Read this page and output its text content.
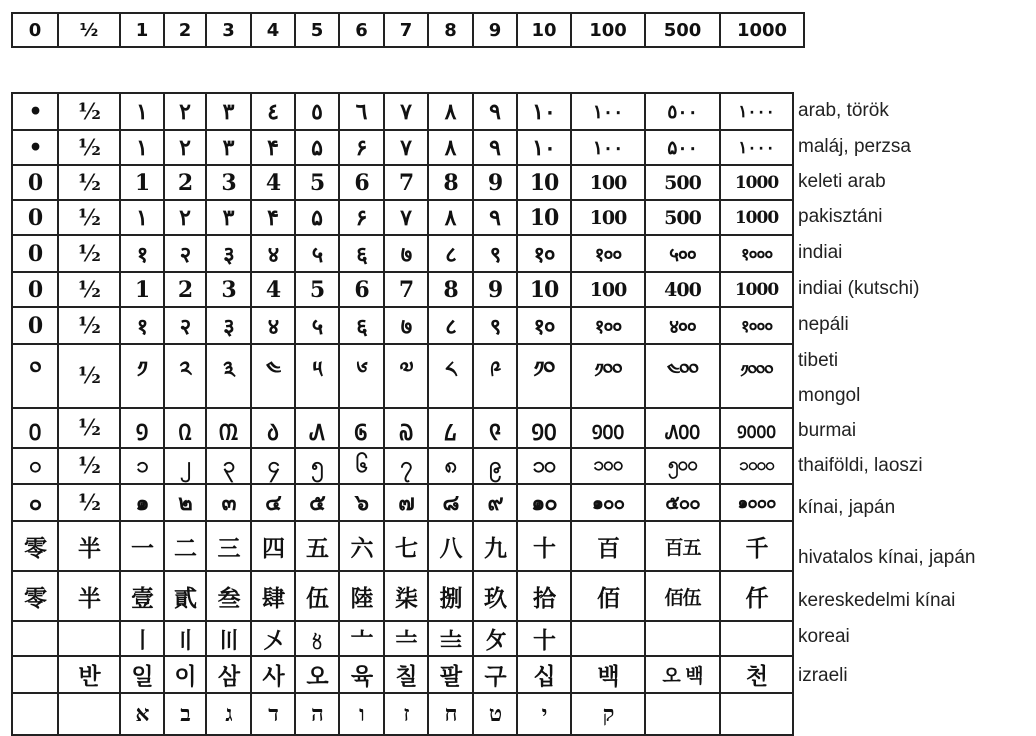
0	½	1	2	3	4	5	6	7	8	9	10	100	500	1000
•	½	١	٢	٣	٤	٥	٦	٧	٨	٩	١٠	١٠٠	٥٠٠	١٠٠٠
•	½	١	٢	٣	۴	۵	۶	٧	٨	٩	١٠	١٠٠	۵٠٠	١٠٠٠
0	½	1	2	3	4	5	6	7	8	9	10	100	500	1000
0	½	١	٢	٣	۴	۵	۶	٧	٨	٩	10	100	500	1000
0	½	१	२	३	४	५	६	७	८	९	१०	१००	५००	१०००
0	½	1	2	3	4	5	6	7	8	9	10	100	400	1000
0	½	१	२	३	४	५	६	७	८	९	१०	१००	४००	१०००
༠	½	༡	༢	༣	༤	༥	༦	༧	༨	༩	༡༠	༡༠༠	༤༠༠	༡༠༠༠
᠐	½	᠑	᠒	᠓	᠔	᠕	᠖	᠗	᠘	᠙	᠑᠐	᠑᠐᠐	᠕᠐᠐	᠑᠐᠐᠐
၀	½	၁	၂	၃	၄	၅	၆	၇	၈	၉	၁၀	၁၀၀	၅၀၀	၁၀၀၀
๐	½	๑	๒	๓	๔	๕	๖	๗	๘	๙	๑๐	๑๐๐	๕๐๐	๑๐๐๐
零	半	一	二	三	四	五	六	七	八	九	十	百	百五	千
零	半	壹	貳	叁	肆	伍	陸	柒	捌	玖	拾	佰	佰伍	仟
		〡	〢	〣	〤	〥	〦	〧	〨	〩	十			
	반	일	이	삼	사	오	육	칠	팔	구	십	백	오 백	천
		א	ב	ג	ד	ה	ו	ז	ח	ט	י	ק		
arab, török
maláj, perzsa
keleti arab
pakisztáni
indiai
indiai (kutschi)
nepáli
tibeti
mongol
burmai
thaiföldi, laoszi
kínai, japán
hivatalos kínai, japán
kereskedelmi kínai
koreai
izraeli
